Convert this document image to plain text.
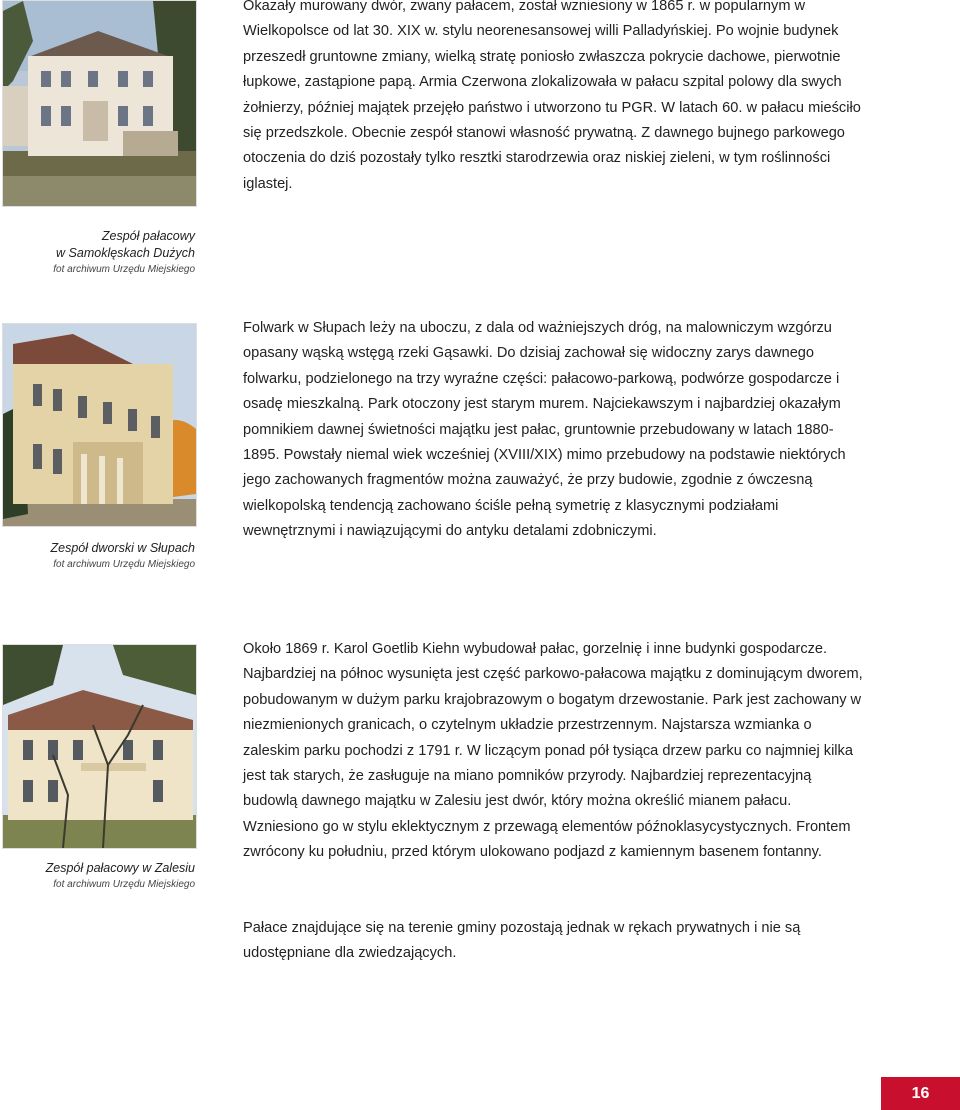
Zespół pałacowy
w Samoklęskach Dużych
fot archiwum Urzędu Miejskiego

Okazały murowany dwór, zwany pałacem, został wzniesiony w 1865 r. w popularnym w Wielkopolsce od lat 30. XIX w. stylu neorenesansowej willi Palladyńskiej. Po wojnie budynek przeszedł gruntowne zmiany, wielką stratę poniosło zwłaszcza pokrycie dachowe, pierwotnie łupkowe, zastąpione papą. Armia Czerwona zlokalizowała w pałacu szpital polowy dla swych żołnierzy, później majątek przejęło państwo i utworzono tu PGR. W latach 60. w pałacu mieściło się przedszkole. Obecnie zespół stanowi własność prywatną. Z dawnego bujnego parkowego otoczenia do dziś pozostały tylko resztki starodrzewia oraz niskiej zieleni, w tym roślinności iglastej.

Zespół dworski w Słupach
fot archiwum Urzędu Miejskiego

Folwark w Słupach leży na uboczu, z dala od ważniejszych dróg, na malowniczym wzgórzu opasany wąską wstęgą rzeki Gąsawki. Do dzisiaj zachował się widoczny zarys dawnego folwarku, podzielonego na trzy wyraźne części: pałacowo-parkową, podwórze gospodarcze i osadę mieszkalną. Park otoczony jest starym murem. Najciekawszym i najbardziej okazałym pomnikiem dawnej świetności majątku jest pałac, gruntownie przebudowany w latach 1880-1895. Powstały niemal wiek wcześniej (XVIII/XIX) mimo przebudowy na podstawie niektórych jego zachowanych fragmentów można zauważyć, że przy budowie, zgodnie z ówczesną wielkopolską tendencją zachowano ściśle pełną symetrię z klasycznymi podziałami wewnętrznymi i nawiązującymi do antyku detalami zdobniczymi.

Zespół pałacowy w Zalesiu
fot archiwum Urzędu Miejskiego

Około 1869 r. Karol Goetlib Kiehn wybudował pałac, gorzelnię i inne budynki gospodarcze. Najbardziej na północ wysunięta jest część parkowo-pałacowa majątku z dominującym dworem, pobudowanym w dużym parku krajobrazowym o bogatym drzewostanie. Park jest zachowany w niezmienionych granicach, o czytelnym układzie przestrzennym. Najstarsza wzmianka o zaleskim parku pochodzi z 1791 r. W liczącym ponad pół tysiąca drzew parku co najmniej kilka jest tak starych, że zasługuje na miano pomników przyrody. Najbardziej reprezentacyjną budowlą dawnego majątku w Zalesiu jest dwór, który można określić mianem pałacu. Wzniesiono go w stylu eklektycznym z przewagą elementów późnoklasycystycznych. Frontem zwrócony ku południu, przed którym ulokowano podjazd z kamiennym basenem fontanny.

Pałace znajdujące się na terenie gminy pozostają jednak w rękach prywatnych i nie są udostępniane dla zwiedzających.

16
